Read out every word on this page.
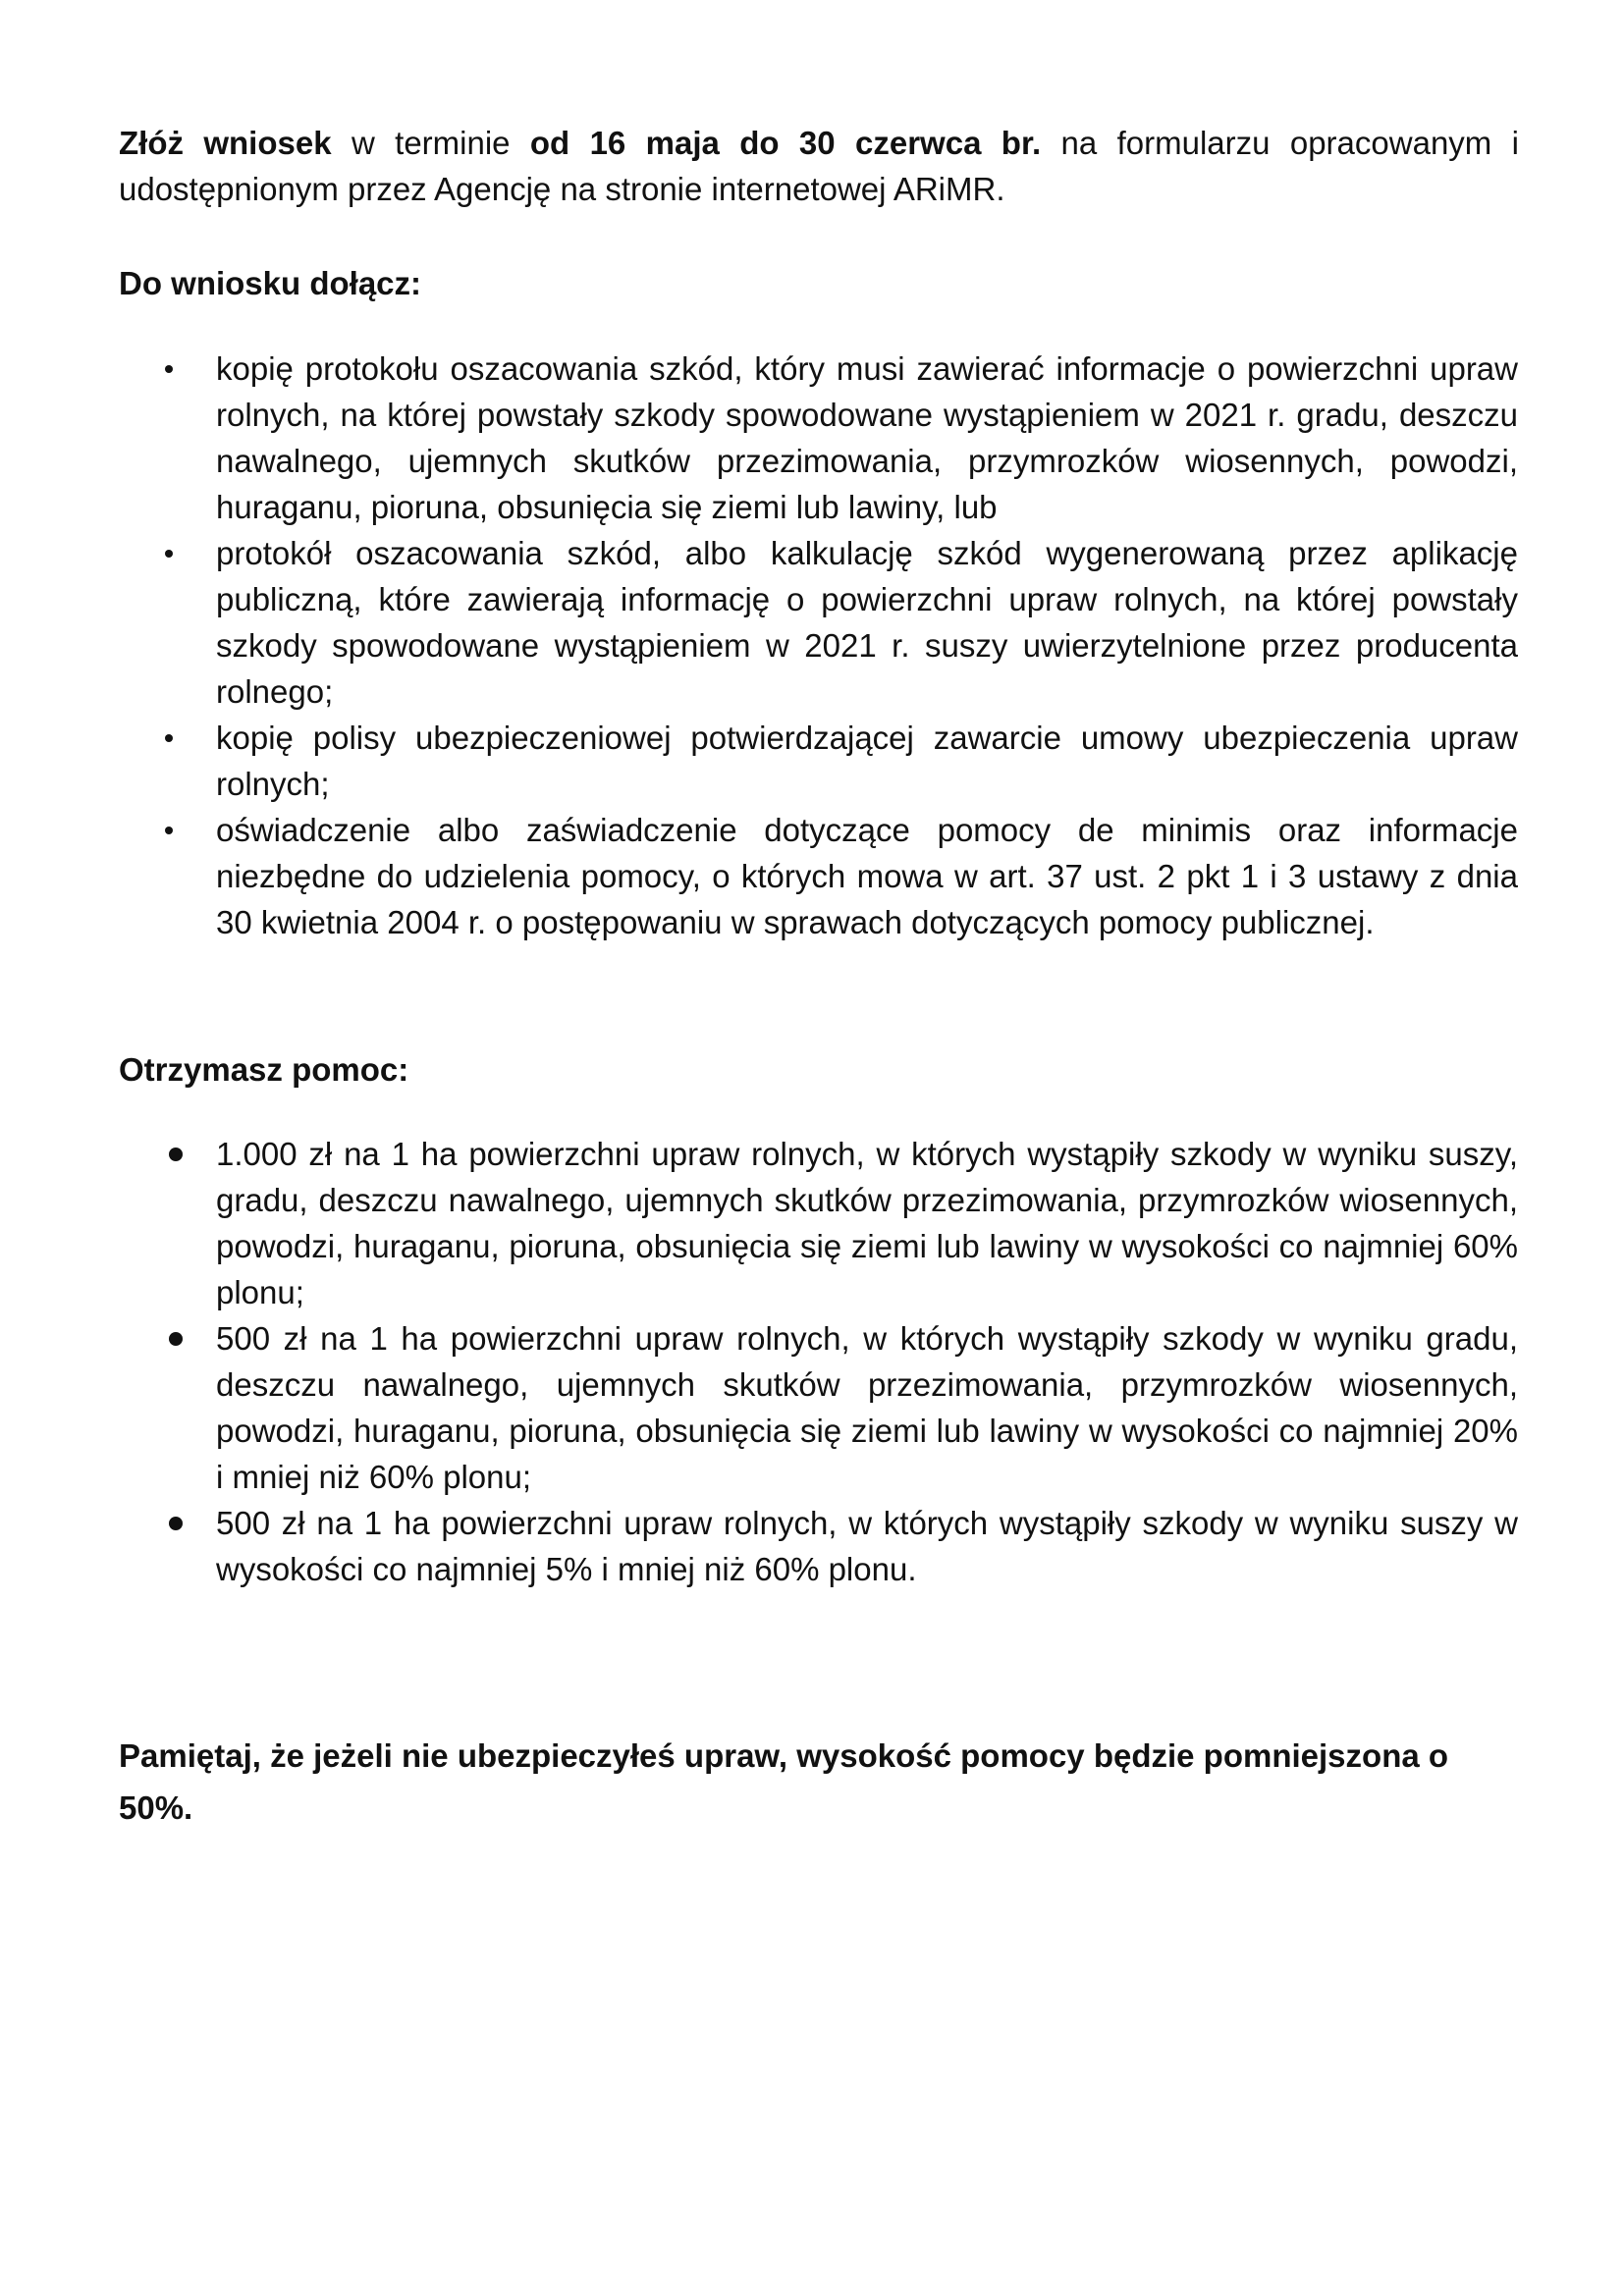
Złóż wniosek w terminie od 16 maja do 30 czerwca br. na formularzu opracowanym i udostępnionym przez Agencję na stronie internetowej ARiMR.

Do wniosku dołącz:

kopię protokołu oszacowania szkód, który musi zawierać informacje o powierzchni upraw rolnych, na której powstały szkody spowodowane wystąpieniem w 2021 r. gradu, deszczu nawalnego, ujemnych skutków przezimowania, przymrozków wiosennych, powodzi, huraganu, pioruna, obsunięcia się ziemi lub lawiny, lub
protokół oszacowania szkód, albo kalkulację szkód wygenerowaną przez aplikację publiczną, które zawierają informację o powierzchni upraw rolnych, na której powstały szkody spowodowane wystąpieniem w 2021 r. suszy uwierzytelnione przez producenta rolnego;
kopię polisy ubezpieczeniowej potwierdzającej zawarcie umowy ubezpieczenia upraw rolnych;
oświadczenie albo zaświadczenie dotyczące pomocy de minimis oraz informacje niezbędne do udzielenia pomocy, o których mowa w art. 37 ust. 2 pkt 1 i 3 ustawy z dnia 30 kwietnia 2004 r. o postępowaniu w sprawach dotyczących pomocy publicznej.

Otrzymasz pomoc:

1.000 zł na 1 ha powierzchni upraw rolnych, w których wystąpiły szkody w wyniku suszy, gradu, deszczu nawalnego, ujemnych skutków przezimowania, przymrozków wiosennych, powodzi, huraganu, pioruna, obsunięcia się ziemi lub lawiny w wysokości co najmniej 60% plonu;
500 zł na 1 ha powierzchni upraw rolnych, w których wystąpiły szkody w wyniku gradu, deszczu nawalnego, ujemnych skutków przezimowania, przymrozków wiosennych, powodzi, huraganu, pioruna, obsunięcia się ziemi lub lawiny w wysokości co najmniej 20% i mniej niż 60% plonu;
500 zł na 1 ha powierzchni upraw rolnych, w których wystąpiły szkody w wyniku suszy w wysokości co najmniej 5% i mniej niż 60% plonu.

Pamiętaj, że jeżeli nie ubezpieczyłeś upraw, wysokość pomocy będzie pomniejszona o 50%.
